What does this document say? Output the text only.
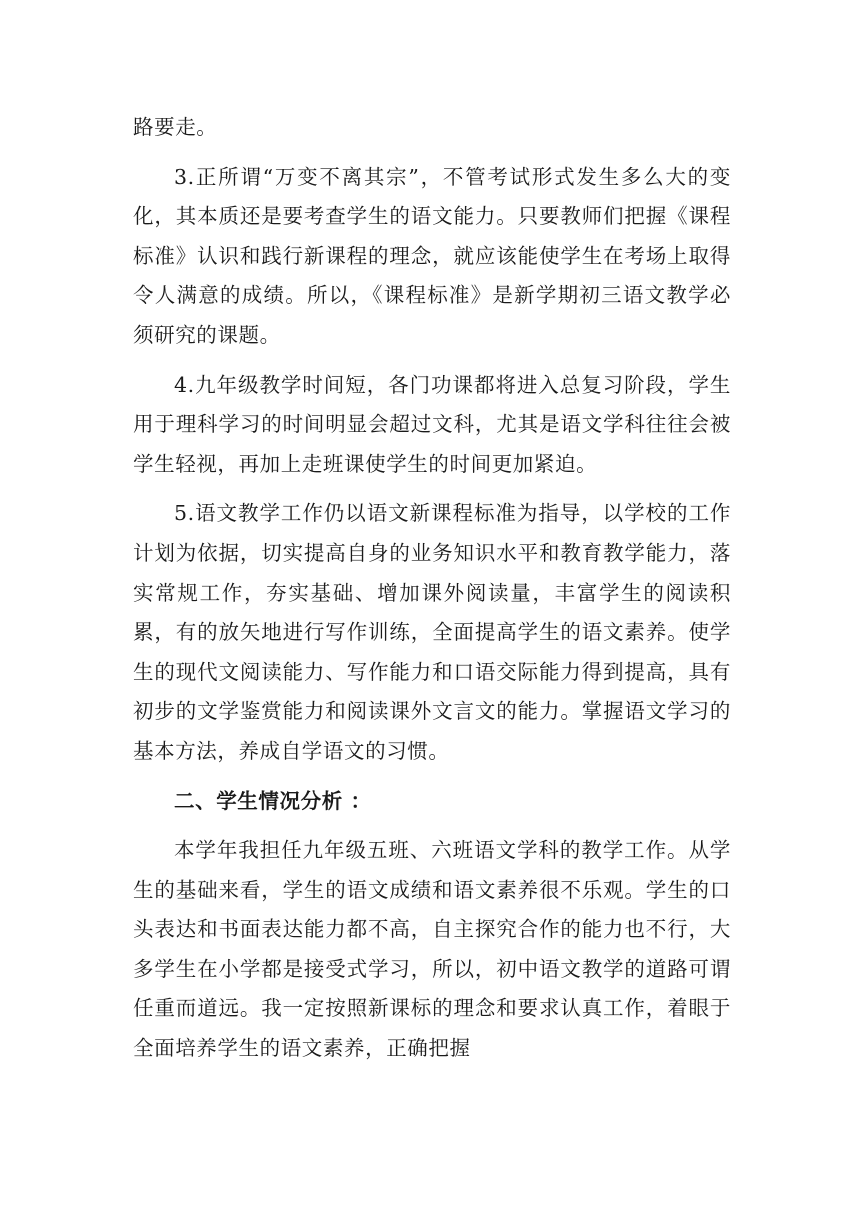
路要走。

3.正所谓“万变不离其宗”，不管考试形式发生多么大的变化，其本质还是要考查学生的语文能力。只要教师们把握《课程标准》认识和践行新课程的理念，就应该能使学生在考场上取得令人满意的成绩。所以，《课程标准》是新学期初三语文教学必须研究的课题。

4.九年级教学时间短，各门功课都将进入总复习阶段，学生用于理科学习的时间明显会超过文科，尤其是语文学科往往会被学生轻视，再加上走班课使学生的时间更加紧迫。

5.语文教学工作仍以语文新课程标准为指导，以学校的工作计划为依据，切实提高自身的业务知识水平和教育教学能力，落实常规工作，夯实基础、增加课外阅读量，丰富学生的阅读积累，有的放矢地进行写作训练，全面提高学生的语文素养。使学生的现代文阅读能力、写作能力和口语交际能力得到提高，具有初步的文学鉴赏能力和阅读课外文言文的能力。掌握语文学习的基本方法，养成自学语文的习惯。

二、学生情况分析 ：

本学年我担任九年级五班、六班语文学科的教学工作。从学生的基础来看，学生的语文成绩和语文素养很不乐观。学生的口头表达和书面表达能力都不高，自主探究合作的能力也不行，大多学生在小学都是接受式学习，所以，初中语文教学的道路可谓任重而道远。我一定按照新课标的理念和要求认真工作，着眼于全面培养学生的语文素养，正确把握
